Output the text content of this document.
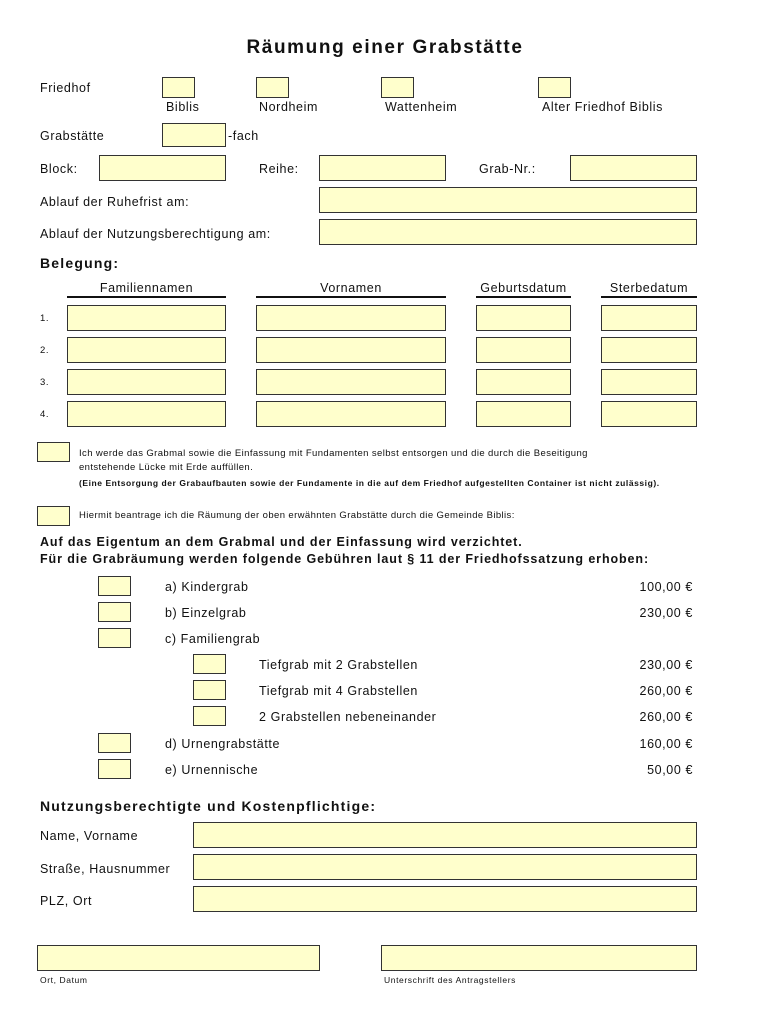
Räumung einer Grabstätte
Friedhof
Biblis	Nordheim	Wattenheim	Alter Friedhof Biblis
Grabstätte	-fach
Block:	Reihe:	Grab-Nr.:
Ablauf der Ruhefrist am:
Ablauf der Nutzungsberechtigung am:
Belegung:
Familiennamen	Vornamen	Geburtsdatum	Sterbedatum
1.
2.
3.
4.
Ich werde das Grabmal sowie die Einfassung mit Fundamenten selbst entsorgen und die durch die Beseitigung
entstehende Lücke mit Erde auffüllen.
(Eine Entsorgung der Grabaufbauten sowie der Fundamente in die auf dem Friedhof aufgestellten Container ist nicht zulässig).
Hiermit beantrage ich die Räumung der oben erwähnten Grabstätte durch die Gemeinde Biblis:
Auf das Eigentum an dem Grabmal und der Einfassung wird verzichtet.
Für die Grabräumung werden folgende Gebühren laut § 11 der Friedhofssatzung erhoben:
a) Kindergrab	100,00 €
b) Einzelgrab	230,00 €
c) Familiengrab
Tiefgrab mit 2 Grabstellen	230,00 €
Tiefgrab mit 4 Grabstellen	260,00 €
2 Grabstellen nebeneinander	260,00 €
d) Urnengrabstätte	160,00 €
e) Urnennische	50,00 €
Nutzungsberechtigte und Kostenpflichtige:
Name, Vorname
Straße, Hausnummer
PLZ, Ort
Ort, Datum	Unterschrift des Antragstellers
